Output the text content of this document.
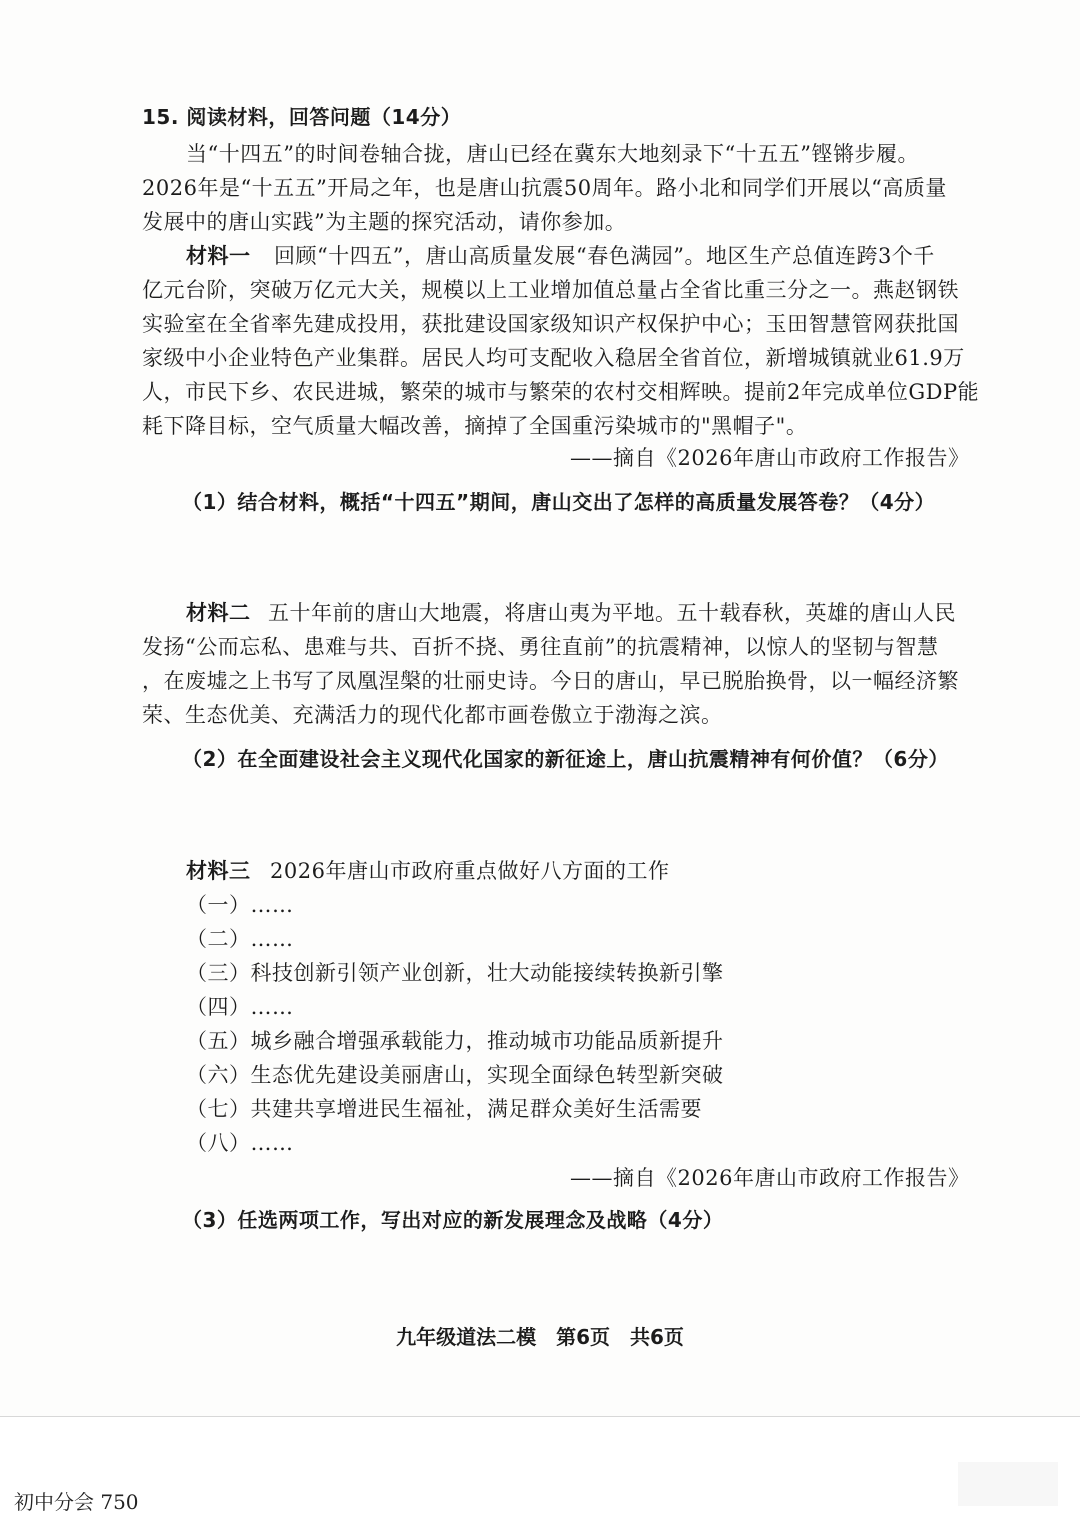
15. 阅读材料，回答问题（14分）
当“十四五”的时间卷轴合拢，唐山已经在冀东大地刻录下“十五五”铿锵步履。
2026年是“十五五”开局之年，也是唐山抗震50周年。路小北和同学们开展以“高质量
发展中的唐山实践”为主题的探究活动，请你参加。
材料一 回顾“十四五”，唐山高质量发展“春色满园”。地区生产总值连跨3个千
亿元台阶，突破万亿元大关，规模以上工业增加值总量占全省比重三分之一。燕赵钢铁
实验室在全省率先建成投用，获批建设国家级知识产权保护中心；玉田智慧管网获批国
家级中小企业特色产业集群。居民人均可支配收入稳居全省首位，新增城镇就业61.9万
人，市民下乡、农民进城，繁荣的城市与繁荣的农村交相辉映。提前2年完成单位GDP能
耗下降目标，空气质量大幅改善，摘掉了全国重污染城市的"黑帽子"。
——摘自《2026年唐山市政府工作报告》
（1）结合材料，概括“十四五”期间，唐山交出了怎样的高质量发展答卷？（4分）
材料二 五十年前的唐山大地震，将唐山夷为平地。五十载春秋，英雄的唐山人民
发扬“公而忘私、患难与共、百折不挠、勇往直前”的抗震精神，以惊人的坚韧与智慧
，在废墟之上书写了凤凰涅槃的壮丽史诗。今日的唐山，早已脱胎换骨，以一幅经济繁
荣、生态优美、充满活力的现代化都市画卷傲立于渤海之滨。
（2）在全面建设社会主义现代化国家的新征途上，唐山抗震精神有何价值？（6分）
材料三 2026年唐山市政府重点做好八方面的工作
（一）……
（二）……
（三）科技创新引领产业创新，壮大动能接续转换新引擎
（四）……
（五）城乡融合增强承载能力，推动城市功能品质新提升
（六）生态优先建设美丽唐山，实现全面绿色转型新突破
（七）共建共享增进民生福祉，满足群众美好生活需要
（八）……
——摘自《2026年唐山市政府工作报告》
（3）任选两项工作，写出对应的新发展理念及战略（4分）
九年级道法二模　第6页　共6页
初中分会 750
